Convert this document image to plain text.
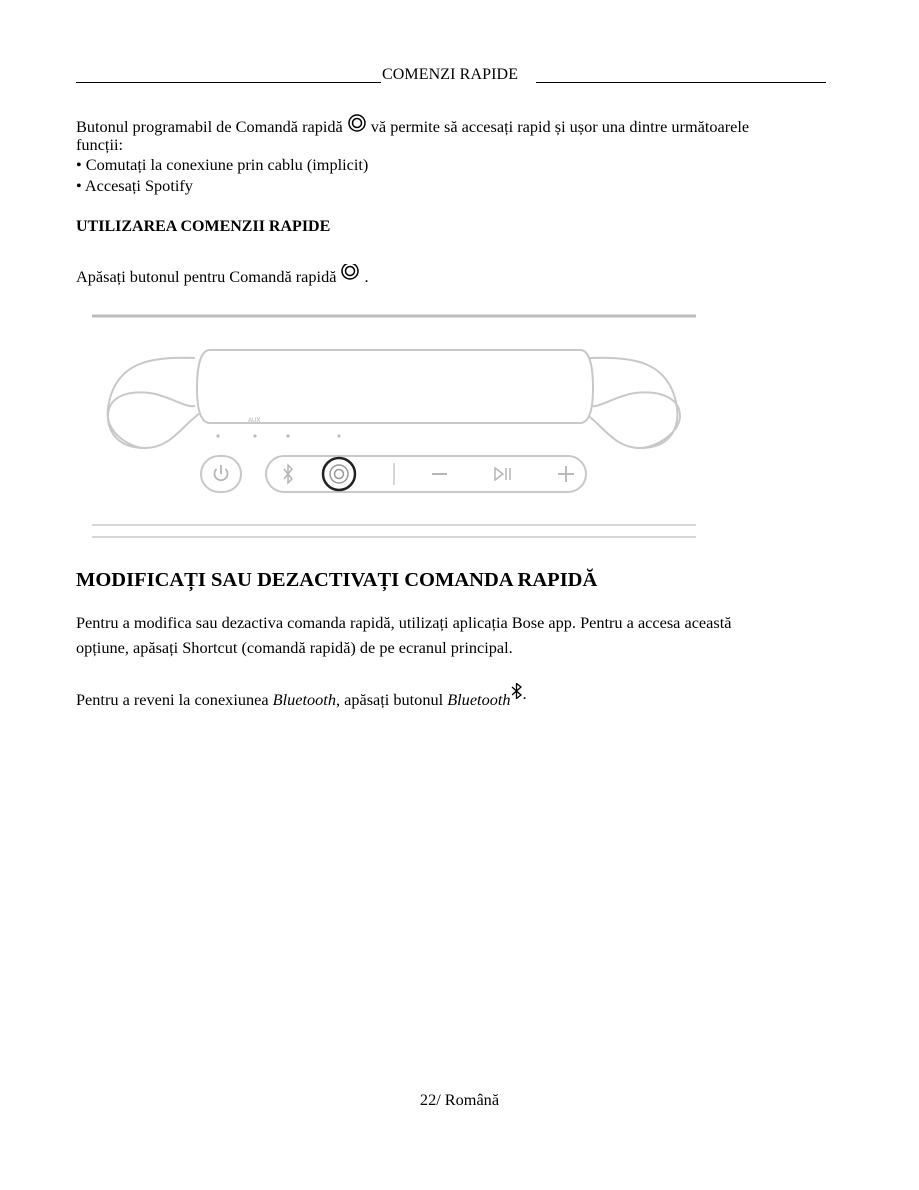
COMENZI RAPIDE
Butonul programabil de Comandă rapidă vă permite să accesați rapid și ușor una dintre următoarele
funcții:
• Comutați la conexiune prin cablu (implicit)
• Accesați Spotify
UTILIZAREA COMENZII RAPIDE
Apăsați butonul pentru Comandă rapidă .
AUX
MODIFICAȚI SAU DEZACTIVAȚI COMANDA RAPIDĂ
Pentru a modifica sau dezactiva comanda rapidă, utilizați aplicația Bose app. Pentru a accesa această
opțiune, apăsați Shortcut (comandă rapidă) de pe ecranul principal.
Pentru a reveni la conexiunea Bluetooth, apăsați butonul Bluetooth .
22/ Română
